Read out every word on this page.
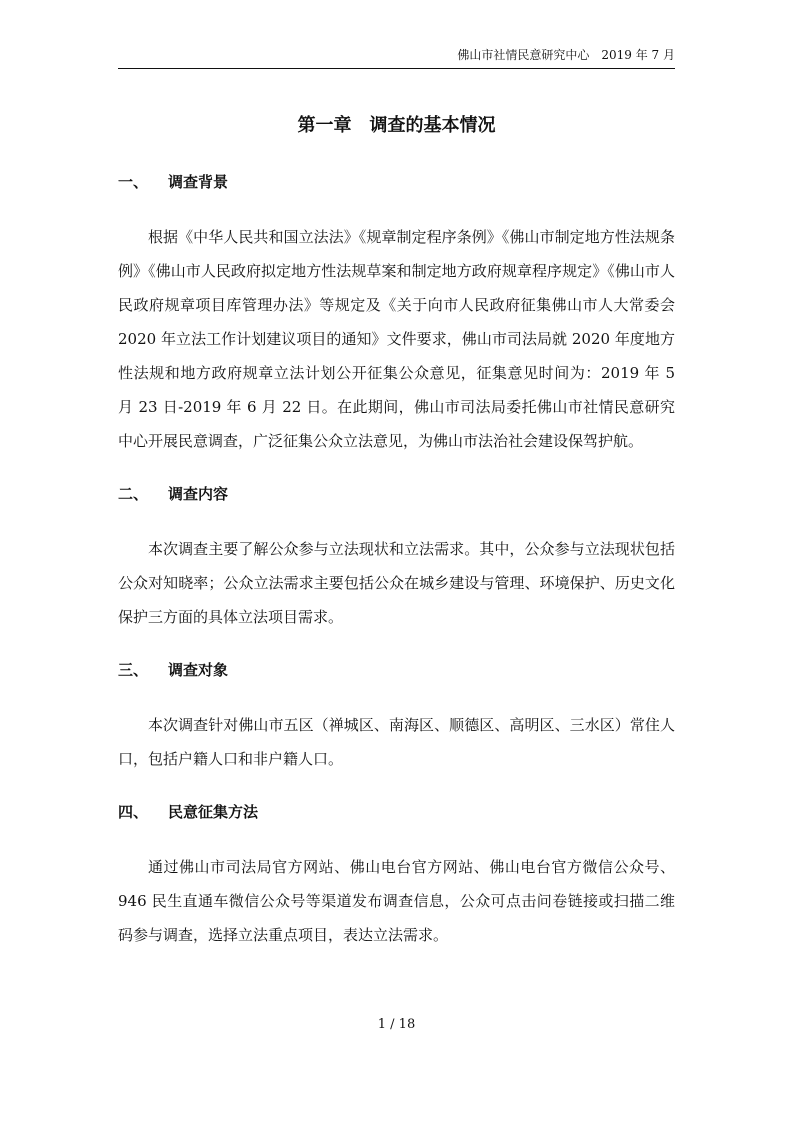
佛山市社情民意研究中心　2019 年 7 月
第一章　调查的基本情况
一、	调查背景

根据《中华人民共和国立法法》《规章制定程序条例》《佛山市制定地方性法规条例》《佛山市人民政府拟定地方性法规草案和制定地方政府规章程序规定》《佛山市人民政府规章项目库管理办法》等规定及《关于向市人民政府征集佛山市人大常委会 2020 年立法工作计划建议项目的通知》文件要求，佛山市司法局就 2020 年度地方性法规和地方政府规章立法计划公开征集公众意见，征集意见时间为：2019 年 5 月 23 日-2019 年 6 月 22 日。在此期间，佛山市司法局委托佛山市社情民意研究中心开展民意调查，广泛征集公众立法意见，为佛山市法治社会建设保驾护航。

二、	调查内容

本次调查主要了解公众参与立法现状和立法需求。其中，公众参与立法现状包括公众对知晓率；公众立法需求主要包括公众在城乡建设与管理、环境保护、历史文化保护三方面的具体立法项目需求。

三、	调查对象

本次调查针对佛山市五区（禅城区、南海区、顺德区、高明区、三水区）常住人口，包括户籍人口和非户籍人口。

四、	民意征集方法

通过佛山市司法局官方网站、佛山电台官方网站、佛山电台官方微信公众号、946 民生直通车微信公众号等渠道发布调查信息，公众可点击问卷链接或扫描二维码参与调查，选择立法重点项目，表达立法需求。

1 / 18
